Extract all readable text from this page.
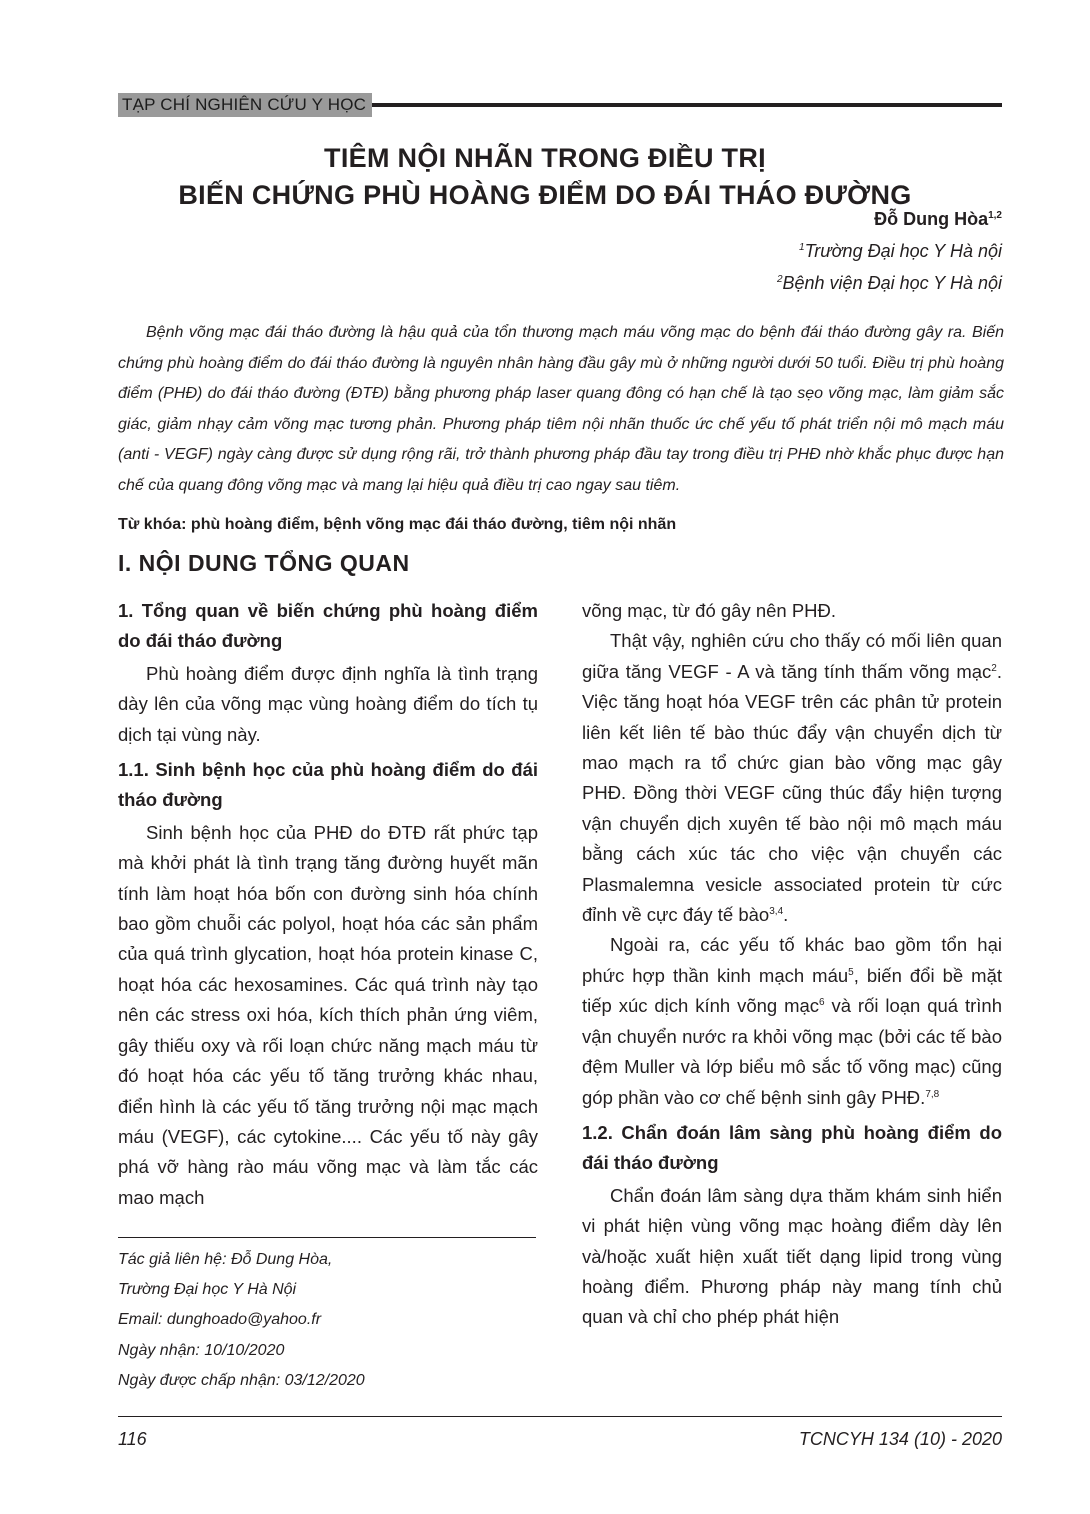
TẠP CHÍ NGHIÊN CỨU Y HỌC
TIÊM NỘI NHÃN TRONG ĐIỀU TRỊ
BIẾN CHỨNG PHÙ HOÀNG ĐIỂM DO ĐÁI THÁO ĐƯỜNG
Đỗ Dung Hòa$^{1,2}$
$^1$Trường Đại học Y Hà nội
$^2$Bệnh viện Đại học Y Hà nội
Bệnh võng mạc đái tháo đường là hậu quả của tổn thương mạch máu võng mạc do bệnh đái tháo đường gây ra. Biến chứng phù hoàng điểm do đái tháo đường là nguyên nhân hàng đầu gây mù ở những người dưới 50 tuổi. Điều trị phù hoàng điểm (PHĐ) do đái tháo đường (ĐTĐ) bằng phương pháp laser quang đông có hạn chế là tạo sẹo võng mạc, làm giảm sắc giác, giảm nhạy cảm võng mạc tương phản. Phương pháp tiêm nội nhãn thuốc ức chế yếu tố phát triển nội mô mạch máu (anti - VEGF) ngày càng được sử dụng rộng rãi, trở thành phương pháp đầu tay trong điều trị PHĐ nhờ khắc phục được hạn chế của quang đông võng mạc và mang lại hiệu quả điều trị cao ngay sau tiêm.
Từ khóa: phù hoàng điểm, bệnh võng mạc đái tháo đường, tiêm nội nhãn
I. NỘI DUNG TỔNG QUAN
1. Tổng quan về biến chứng phù hoàng điểm do đái tháo đường

Phù hoàng điểm được định nghĩa là tình trạng dày lên của võng mạc vùng hoàng điểm do tích tụ dịch tại vùng này.

1.1. Sinh bệnh học của phù hoàng điểm do đái tháo đường

Sinh bệnh học của PHĐ do ĐTĐ rất phức tạp mà khởi phát là tình trạng tăng đường huyết mãn tính làm hoạt hóa bốn con đường sinh hóa chính bao gồm chuỗi các polyol, hoạt hóa các sản phẩm của quá trình glycation, hoạt hóa protein kinase C, hoạt hóa các hexosamines. Các quá trình này tạo nên các stress oxi hóa, kích thích phản ứng viêm, gây thiếu oxy và rối loạn chức năng mạch máu từ đó hoạt hóa các yếu tố tăng trưởng khác nhau, điển hình là các yếu tố tăng trưởng nội mạc mạch máu (VEGF), các cytokine.... Các yếu tố này gây phá vỡ hàng rào máu võng mạc và làm tắc các mao mạch

võng mạc, từ đó gây nên PHĐ.

Thật vậy, nghiên cứu cho thấy có mối liên quan giữa tăng VEGF - A và tăng tính thấm võng mạc$^2$. Việc tăng hoạt hóa VEGF trên các phân tử protein liên kết liên tế bào thúc đẩy vận chuyển dịch từ mao mạch ra tổ chức gian bào võng mạc gây PHĐ. Đồng thời VEGF cũng thúc đẩy hiện tượng vận chuyển dịch xuyên tế bào nội mô mạch máu bằng cách xúc tác cho việc vận chuyển các Plasmalemna vesicle associated protein từ cức đỉnh về cực đáy tế bào$^{3,4}$.

Ngoài ra, các yếu tố khác bao gồm tổn hại phức hợp thần kinh mạch máu$^5$, biến đổi bề mặt tiếp xúc dịch kính võng mạc$^6$ và rối loạn quá trình vận chuyển nước ra khỏi võng mạc (bởi các tế bào đệm Muller và lớp biểu mô sắc tố võng mạc) cũng góp phần vào cơ chế bệnh sinh gây PHĐ.$^{7,8}$

1.2. Chẩn đoán lâm sàng phù hoàng điểm do đái tháo đường

Chẩn đoán lâm sàng dựa thăm khám sinh hiển vi phát hiện vùng võng mạc hoàng điểm dày lên và/hoặc xuất hiện xuất tiết dạng lipid trong vùng hoàng điểm. Phương pháp này mang tính chủ quan và chỉ cho phép phát hiện

Tác giả liên hệ: Đỗ Dung Hòa,
Trường Đại học Y Hà Nội
Email: dunghoado@yahoo.fr
Ngày nhận: 10/10/2020
Ngày được chấp nhận: 03/12/2020
116	TCNCYH 134 (10) - 2020
